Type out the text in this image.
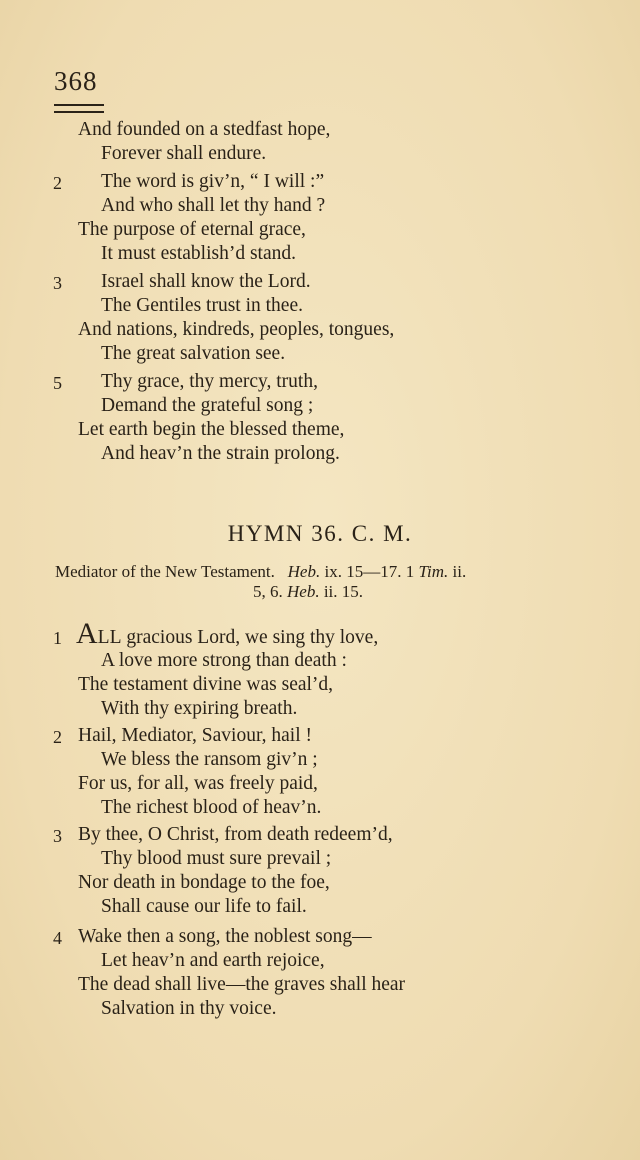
368
And founded on a stedfast hope,
Forever shall endure.
2 The word is giv’n, “ I will :”
And who shall let thy hand ?
The purpose of eternal grace,
It must establish’d stand.
3 Israel shall know the Lord.
The Gentiles trust in thee.
And nations, kindreds, peoples, tongues,
The great salvation see.
5 Thy grace, thy mercy, truth,
Demand the grateful song ;
Let earth begin the blessed theme,
And heav’n the strain prolong.
HYMN 36. C. M.
Mediator of the New Testament. Heb. ix. 15—17. 1 Tim. ii.
5, 6. Heb. ii. 15.
1 ALL gracious Lord, we sing thy love,
A love more strong than death :
The testament divine was seal’d,
With thy expiring breath.
2 Hail, Mediator, Saviour, hail !
We bless the ransom giv’n ;
For us, for all, was freely paid,
The richest blood of heav’n.
3 By thee, O Christ, from death redeem’d,
Thy blood must sure prevail ;
Nor death in bondage to the foe,
Shall cause our life to fail.
4 Wake then a song, the noblest song—
Let heav’n and earth rejoice,
The dead shall live—the graves shall hear
Salvation in thy voice.
